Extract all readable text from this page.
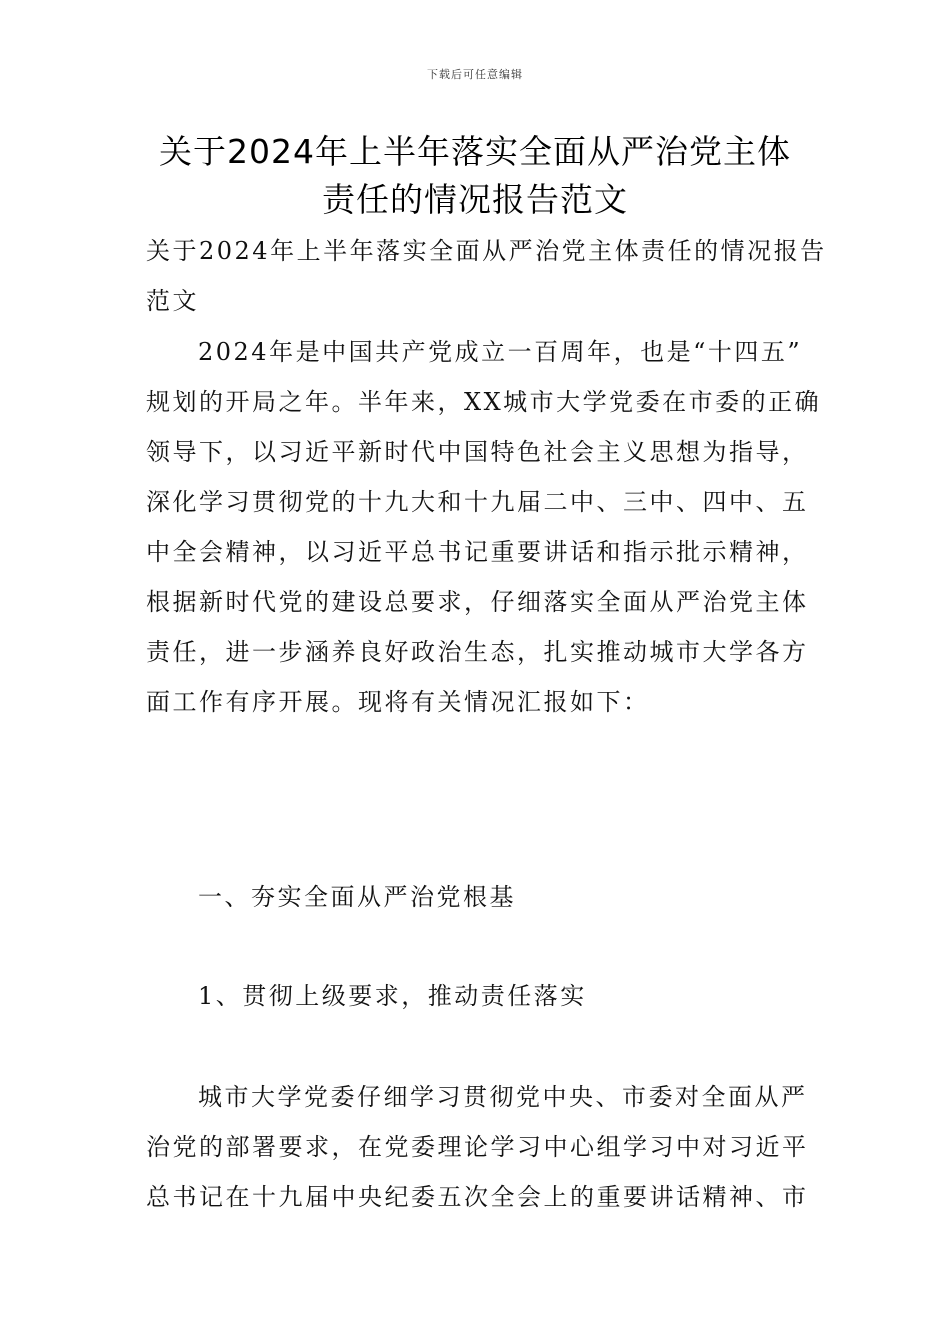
下载后可任意编辑
关于2024年上半年落实全面从严治党主体
责任的情况报告范文

关于2024年上半年落实全面从严治党主体责任的情况报告
范文

2024年是中国共产党成立一百周年，也是“十四五”
规划的开局之年。半年来，XX城市大学党委在市委的正确
领导下，以习近平新时代中国特色社会主义思想为指导，
深化学习贯彻党的十九大和十九届二中、三中、四中、五
中全会精神，以习近平总书记重要讲话和指示批示精神，
根据新时代党的建设总要求，仔细落实全面从严治党主体
责任，进一步涵养良好政治生态，扎实推动城市大学各方
面工作有序开展。现将有关情况汇报如下：

一、夯实全面从严治党根基

1、贯彻上级要求，推动责任落实

城市大学党委仔细学习贯彻党中央、市委对全面从严
治党的部署要求，在党委理论学习中心组学习中对习近平
总书记在十九届中央纪委五次全会上的重要讲话精神、市
